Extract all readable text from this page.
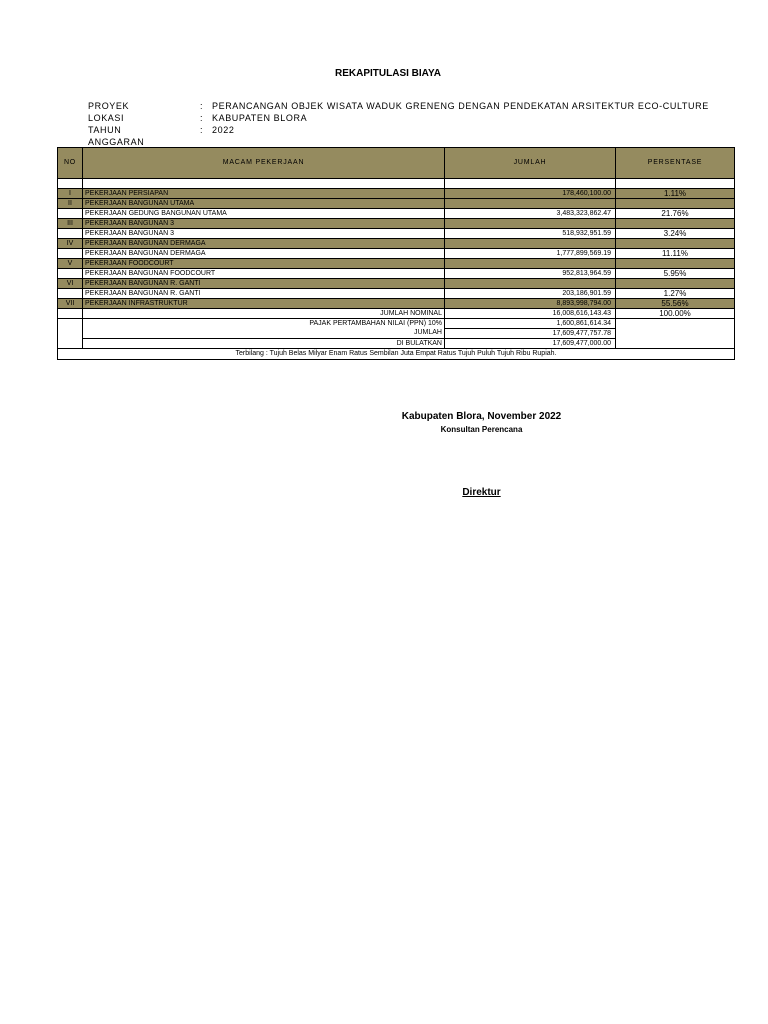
REKAPITULASI BIAYA
PROYEK	: PERANCANGAN OBJEK WISATA WADUK GRENENG DENGAN PENDEKATAN ARSITEKTUR ECO-CULTURE
LOKASI	: KABUPATEN BLORA
TAHUN ANGGARAN
: 2022
NO	MACAM PEKERJAAN	JUMLAH	PERSENTASE

I	PEKERJAAN PERSIAPAN	178,460,100.00	1.11%
II	PEKERJAAN BANGUNAN UTAMA		
	PEKERJAAN GEDUNG BANGUNAN UTAMA	3,483,323,862.47	21.76%
III	PEKERJAAN BANGUNAN 3		
	PEKERJAAN BANGUNAN 3	518,932,951.59	3.24%
IV	PEKERJAAN BANGUNAN DERMAGA		
	PEKERJAAN BANGUNAN DERMAGA	1,777,899,569.19	11.11%
V	PEKERJAAN FOODCOURT		
	PEKERJAAN BANGUNAN FOODCOURT	952,813,964.59	5.95%
VI	PEKERJAAN BANGUNAN R. GANTI		
	PEKERJAAN BANGUNAN R. GANTI	203,186,901.59	1.27%
VII	PEKERJAAN INFRASTRUKTUR	8,893,998,794.00	55.56%
	JUMLAH NOMINAL	16,008,616,143.43	100.00%
	PAJAK PERTAMBAHAN NILAI (PPN) 10%	1,600,861,614.34	
	JUMLAH	17,609,477,757.78	
	DI BULATKAN	17,609,477,000.00	
Terbilang : Tujuh Belas Milyar Enam Ratus Sembilan Juta Empat Ratus Tujuh Puluh Tujuh Ribu Rupiah.			
Kabupaten Blora, November 2022
Konsultan Perencana
Direktur
